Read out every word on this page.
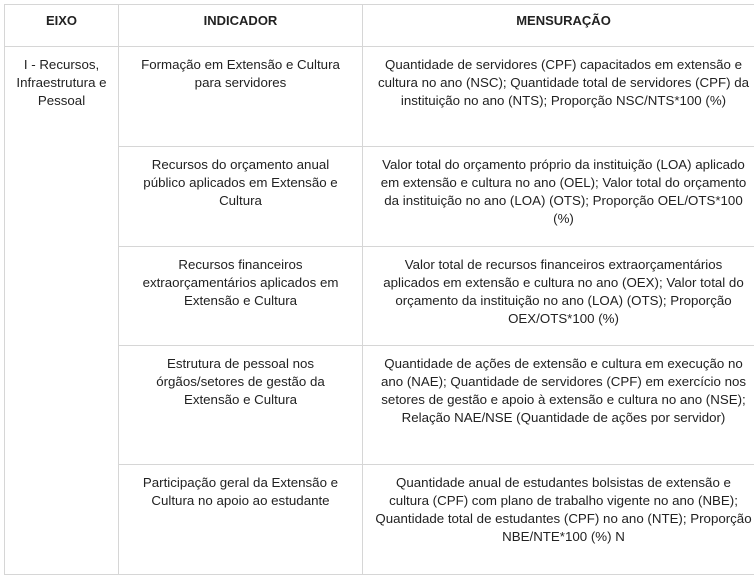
EIXO	INDICADOR	MENSURAÇÃO
I - Recursos, Infraestrutura e Pessoal	Formação em Extensão e Cultura para servidores	Quantidade de servidores (CPF) capacitados em extensão e cultura no ano (NSC); Quantidade total de servidores (CPF) da instituição no ano (NTS); Proporção NSC/NTS*100 (%)
	Recursos do orçamento anual público aplicados em Extensão e Cultura	Valor total do orçamento próprio da instituição (LOA) aplicado em extensão e cultura no ano (OEL); Valor total do orçamento da instituição no ano (LOA) (OTS); Proporção OEL/OTS*100 (%)
	Recursos financeiros extraorçamentários aplicados em Extensão e Cultura	Valor total de recursos financeiros extraorçamentários aplicados em extensão e cultura no ano (OEX); Valor total do orçamento da instituição no ano (LOA) (OTS); Proporção OEX/OTS*100 (%)
	Estrutura de pessoal nos órgãos/setores de gestão da Extensão e Cultura	Quantidade de ações de extensão e cultura em execução no ano (NAE); Quantidade de servidores (CPF) em exercício nos setores de gestão e apoio à extensão e cultura no ano (NSE); Relação NAE/NSE (Quantidade de ações por servidor)
	Participação geral da Extensão e Cultura no apoio ao estudante	Quantidade anual de estudantes bolsistas de extensão e cultura (CPF) com plano de trabalho vigente no ano (NBE); Quantidade total de estudantes (CPF) no ano (NTE); Proporção NBE/NTE*100 (%) N
